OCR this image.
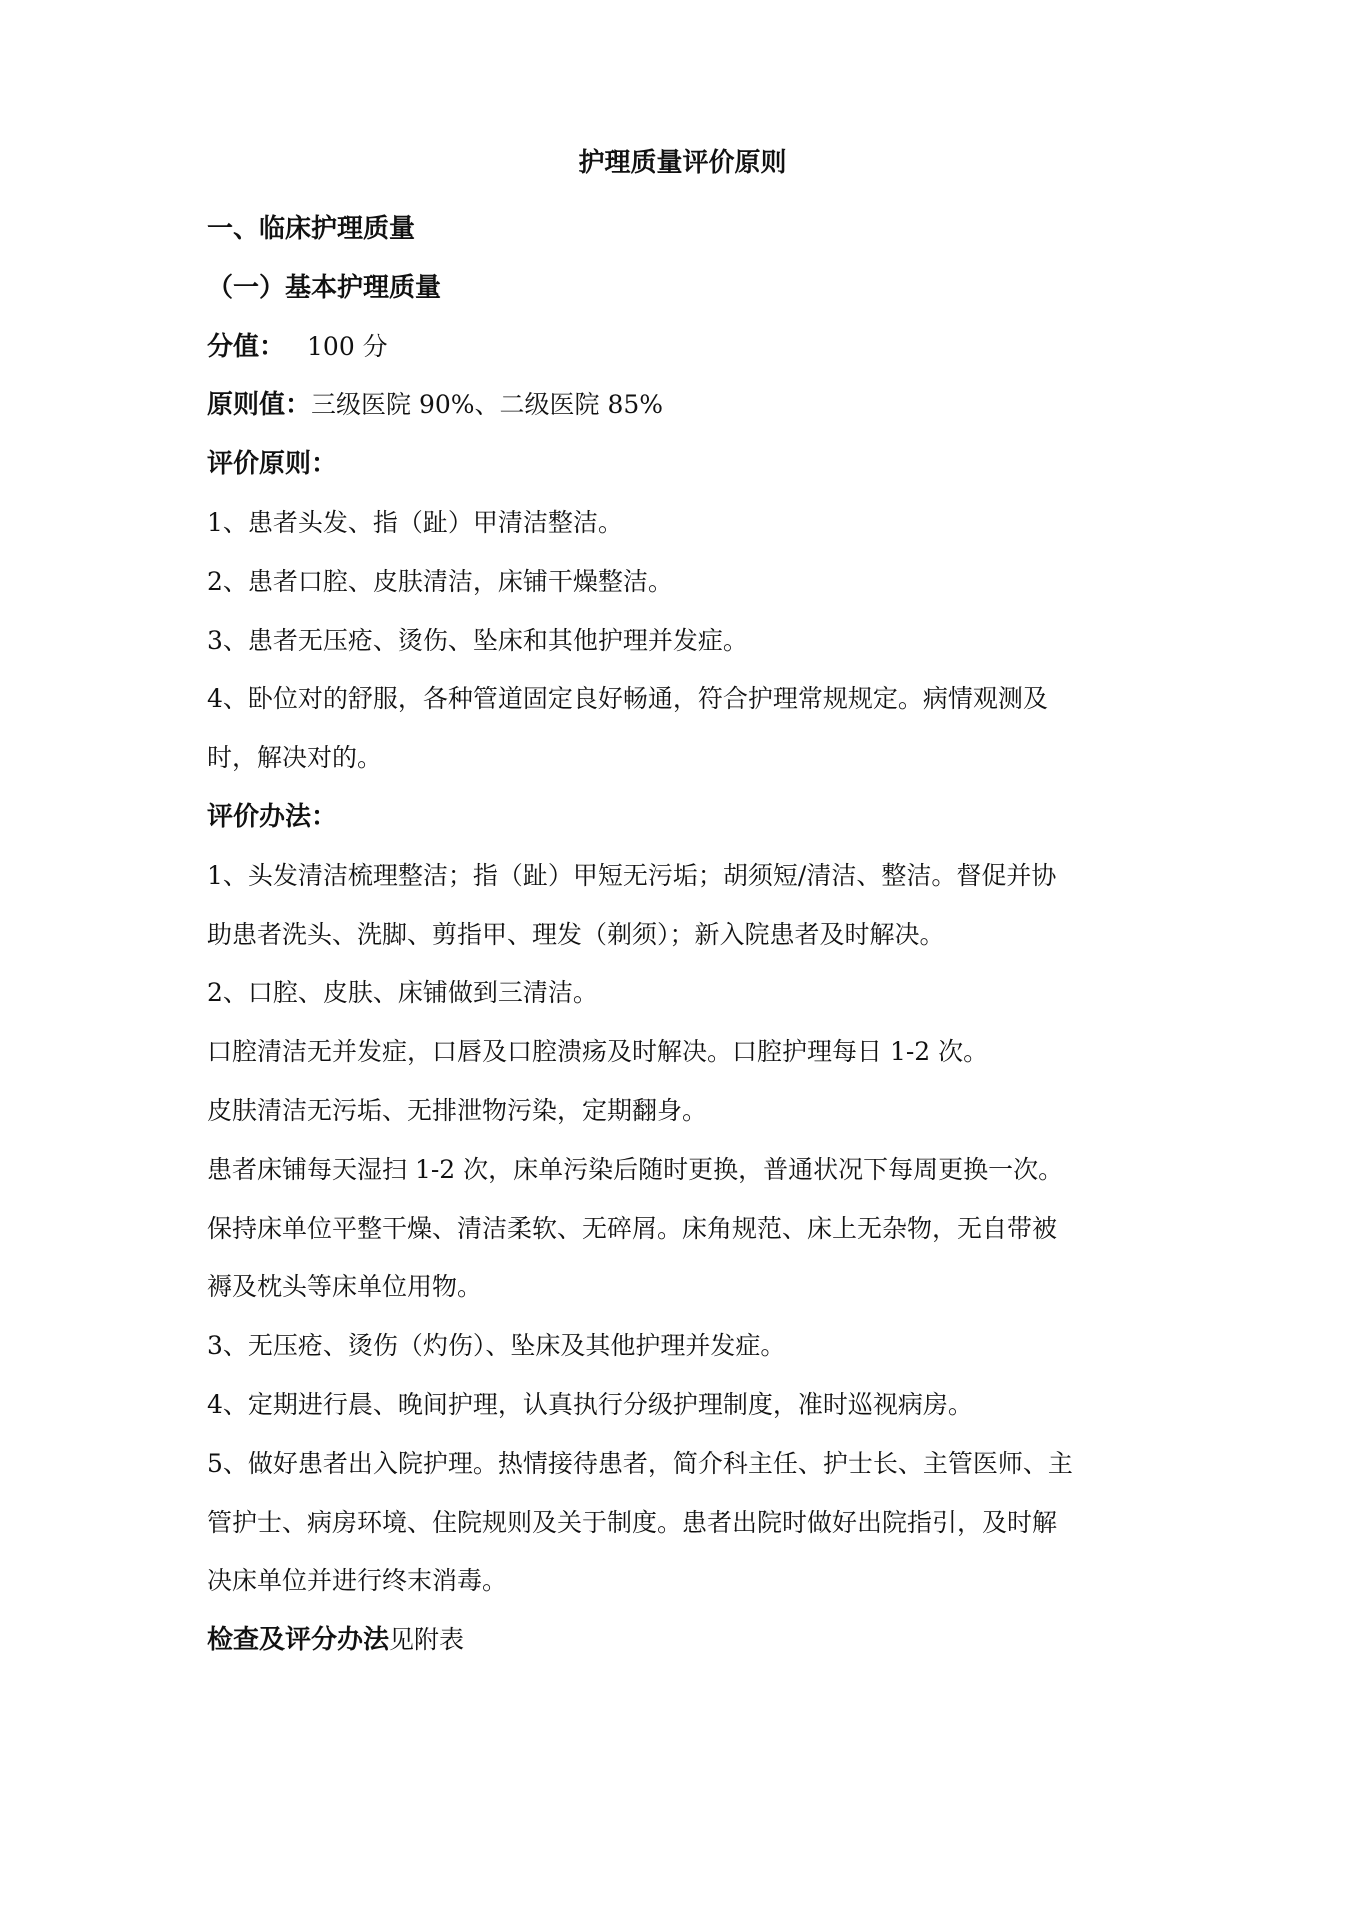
护理质量评价原则
一、临床护理质量
（一）基本护理质量
分值： 100 分
原则值：三级医院 90%、二级医院 85%
评价原则：
1、患者头发、指（趾）甲清洁整洁。
2、患者口腔、皮肤清洁，床铺干燥整洁。
3、患者无压疮、烫伤、坠床和其他护理并发症。
4、卧位对的舒服，各种管道固定良好畅通，符合护理常规规定。病情观测及
时，解决对的。
评价办法：
1、头发清洁梳理整洁；指（趾）甲短无污垢；胡须短/清洁、整洁。督促并协
助患者洗头、洗脚、剪指甲、理发（剃须）；新入院患者及时解决。
2、口腔、皮肤、床铺做到三清洁。
口腔清洁无并发症，口唇及口腔溃疡及时解决。口腔护理每日 1-2 次。
皮肤清洁无污垢、无排泄物污染，定期翻身。
患者床铺每天湿扫 1-2 次，床单污染后随时更换，普通状况下每周更换一次。
保持床单位平整干燥、清洁柔软、无碎屑。床角规范、床上无杂物，无自带被
褥及枕头等床单位用物。
3、无压疮、烫伤（灼伤）、坠床及其他护理并发症。
4、定期进行晨、晚间护理，认真执行分级护理制度，准时巡视病房。
5、做好患者出入院护理。热情接待患者，简介科主任、护士长、主管医师、主
管护士、病房环境、住院规则及关于制度。患者出院时做好出院指引，及时解
决床单位并进行终末消毒。
检查及评分办法见附表
